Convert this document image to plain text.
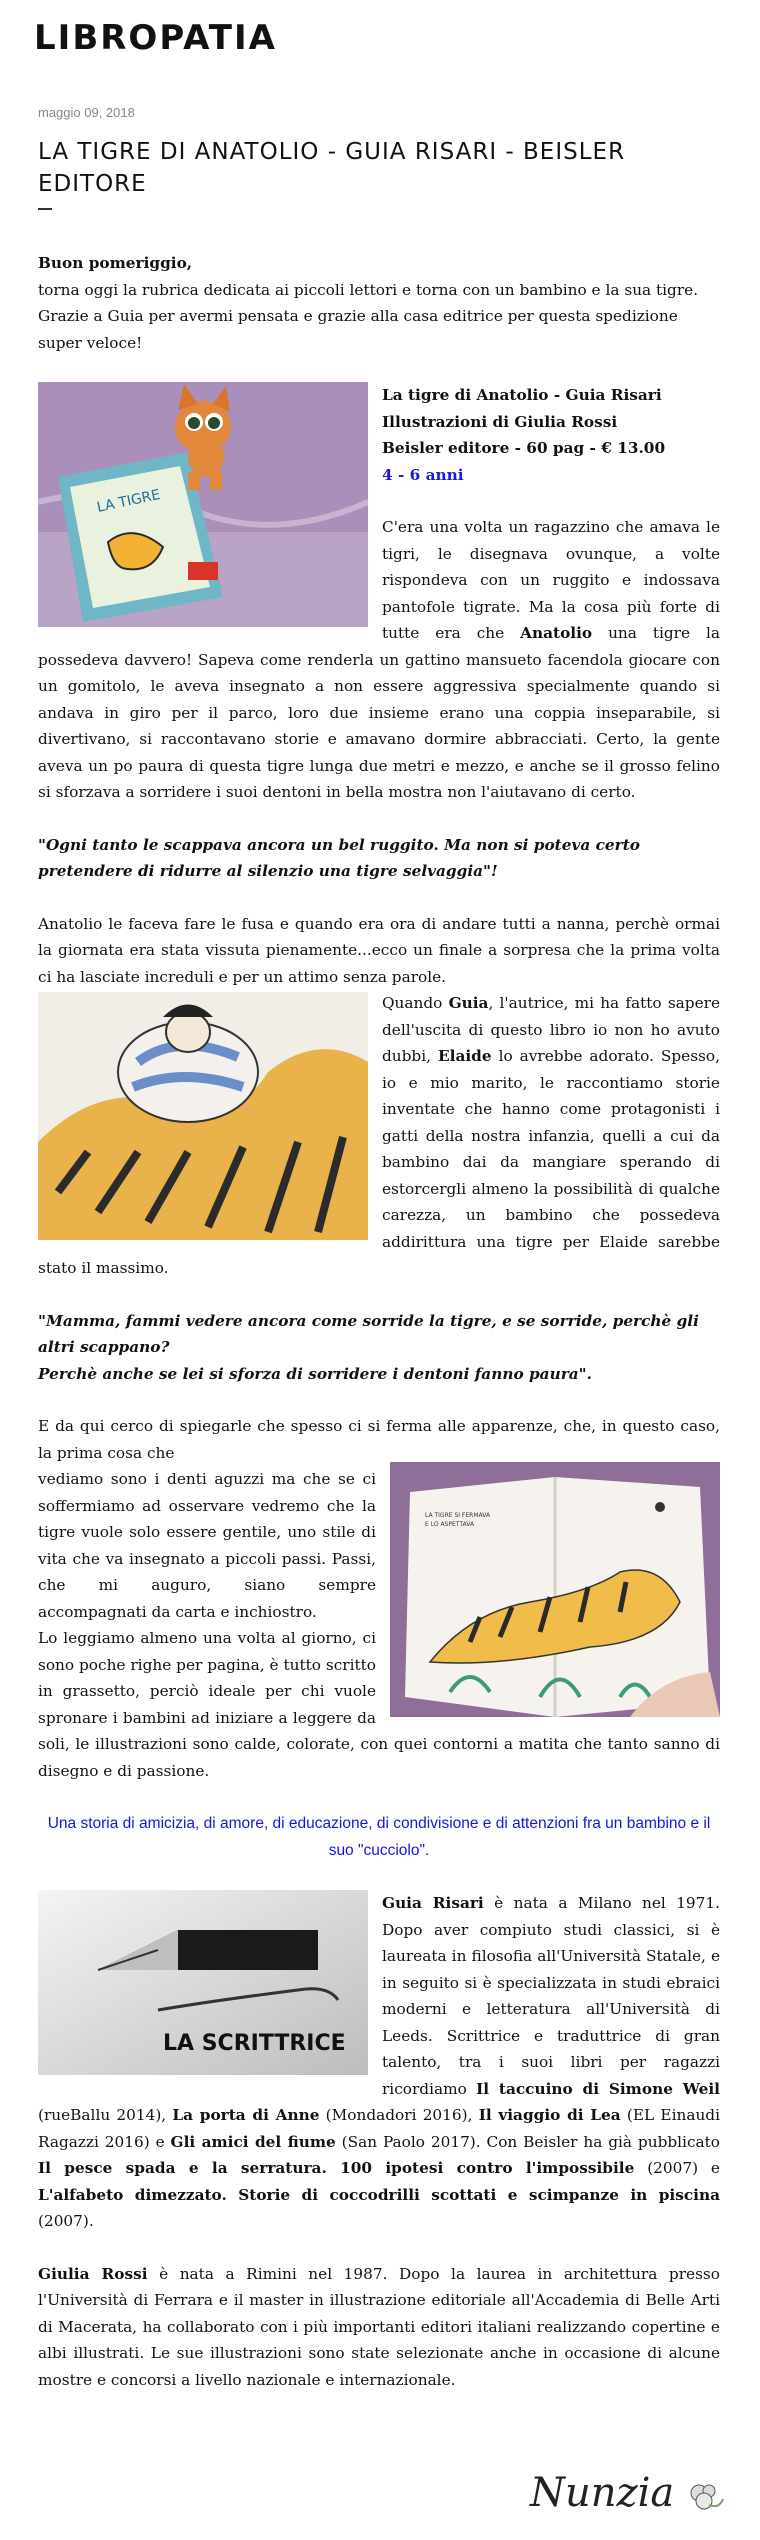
LIBROPATIA
maggio 09, 2018
LA TIGRE DI ANATOLIO - GUIA RISARI - BEISLER EDITORE

Buon pomeriggio,

torna oggi la rubrica dedicata ai piccoli lettori e torna con un bambino e la sua tigre. Grazie a Guia per avermi pensata e grazie alla casa editrice per questa spedizione super veloce!

LA TIGRE

La tigre di Anatolio - Guia Risari

Illustrazioni di Giulia Rossi

Beisler editore - 60 pag - € 13.00

4 - 6 anni

C'era una volta un ragazzino che amava le tigri, le disegnava ovunque, a volte rispondeva con un ruggito e indossava pantofole tigrate. Ma la cosa più forte di tutte era che Anatolio una tigre la possedeva davvero! Sapeva come renderla un gattino mansueto facendola giocare con un gomitolo, le aveva insegnato a non essere aggressiva specialmente quando si andava in giro per il parco, loro due insieme erano una coppia inseparabile, si divertivano, si raccontavano storie e amavano dormire abbracciati. Certo, la gente aveva un po paura di questa tigre lunga due metri e mezzo, e anche se il grosso felino si sforzava a sorridere i suoi dentoni in bella mostra non l'aiutavano di certo.

"Ogni tanto le scappava ancora un bel ruggito. Ma non si poteva certo pretendere di ridurre al silenzio una tigre selvaggia"!

Anatolio le faceva fare le fusa e quando era ora di andare tutti a nanna, perchè ormai la giornata era stata vissuta pienamente...ecco un finale a sorpresa che la prima volta ci ha lasciate increduli e per un attimo senza parole.

Quando Guia, l'autrice, mi ha fatto sapere dell'uscita di questo libro io non ho avuto dubbi, Elaide lo avrebbe adorato. Spesso, io e mio marito, le raccontiamo storie inventate che hanno come protagonisti i gatti della nostra infanzia, quelli a cui da bambino dai da mangiare sperando di estorcergli almeno la possibilità di qualche carezza, un bambino che possedeva addirittura una tigre per Elaide sarebbe stato il massimo.

"Mamma, fammi vedere ancora come sorride la tigre, e se sorride, perchè gli altri scappano?

Perchè anche se lei si sforza di sorridere i dentoni fanno paura".

E da qui cerco di spiegarle che spesso ci si ferma alle apparenze, che, in questo caso, la prima cosa che

LA TIGRE SI FERMAVA
E LO ASPETTAVA

vediamo sono i denti aguzzi ma che se ci soffermiamo ad osservare vedremo che la tigre vuole solo essere gentile, uno stile di vita che va insegnato a piccoli passi. Passi, che mi auguro, siano sempre accompagnati da carta e inchiostro.

Lo leggiamo almeno una volta al giorno, ci sono poche righe per pagina, è tutto scritto in grassetto, perciò ideale per chi vuole spronare i bambini ad iniziare a leggere da soli, le illustrazioni sono calde, colorate, con quei contorni a matita che tanto sanno di disegno e di passione.

Una storia di amicizia, di amore, di educazione, di condivisione e di attenzioni fra un bambino e il suo "cucciolo".

LA SCRITTRICE

Guia Risari è nata a Milano nel 1971. Dopo aver compiuto studi classici, si è laureata in filosofia all'Università Statale, e in seguito si è specializzata in studi ebraici moderni e letteratura all'Università di Leeds. Scrittrice e traduttrice di gran talento, tra i suoi libri per ragazzi ricordiamo Il taccuino di Simone Weil (rueBallu 2014), La porta di Anne (Mondadori 2016), Il viaggio di Lea (EL Einaudi Ragazzi 2016) e Gli amici del fiume (San Paolo 2017). Con Beisler ha già pubblicato Il pesce spada e la serratura. 100 ipotesi contro l'impossibile (2007) e L'alfabeto dimezzato. Storie di coccodrilli scottati e scimpanze in piscina (2007).

Giulia Rossi è nata a Rimini nel 1987. Dopo la laurea in architettura presso l'Università di Ferrara e il master in illustrazione editoriale all'Accademia di Belle Arti di Macerata, ha collaborato con i più importanti editori italiani realizzando copertine e albi illustrati. Le sue illustrazioni sono state selezionate anche in occasione di alcune mostre e concorsi a livello nazionale e internazionale.

Nunzia
